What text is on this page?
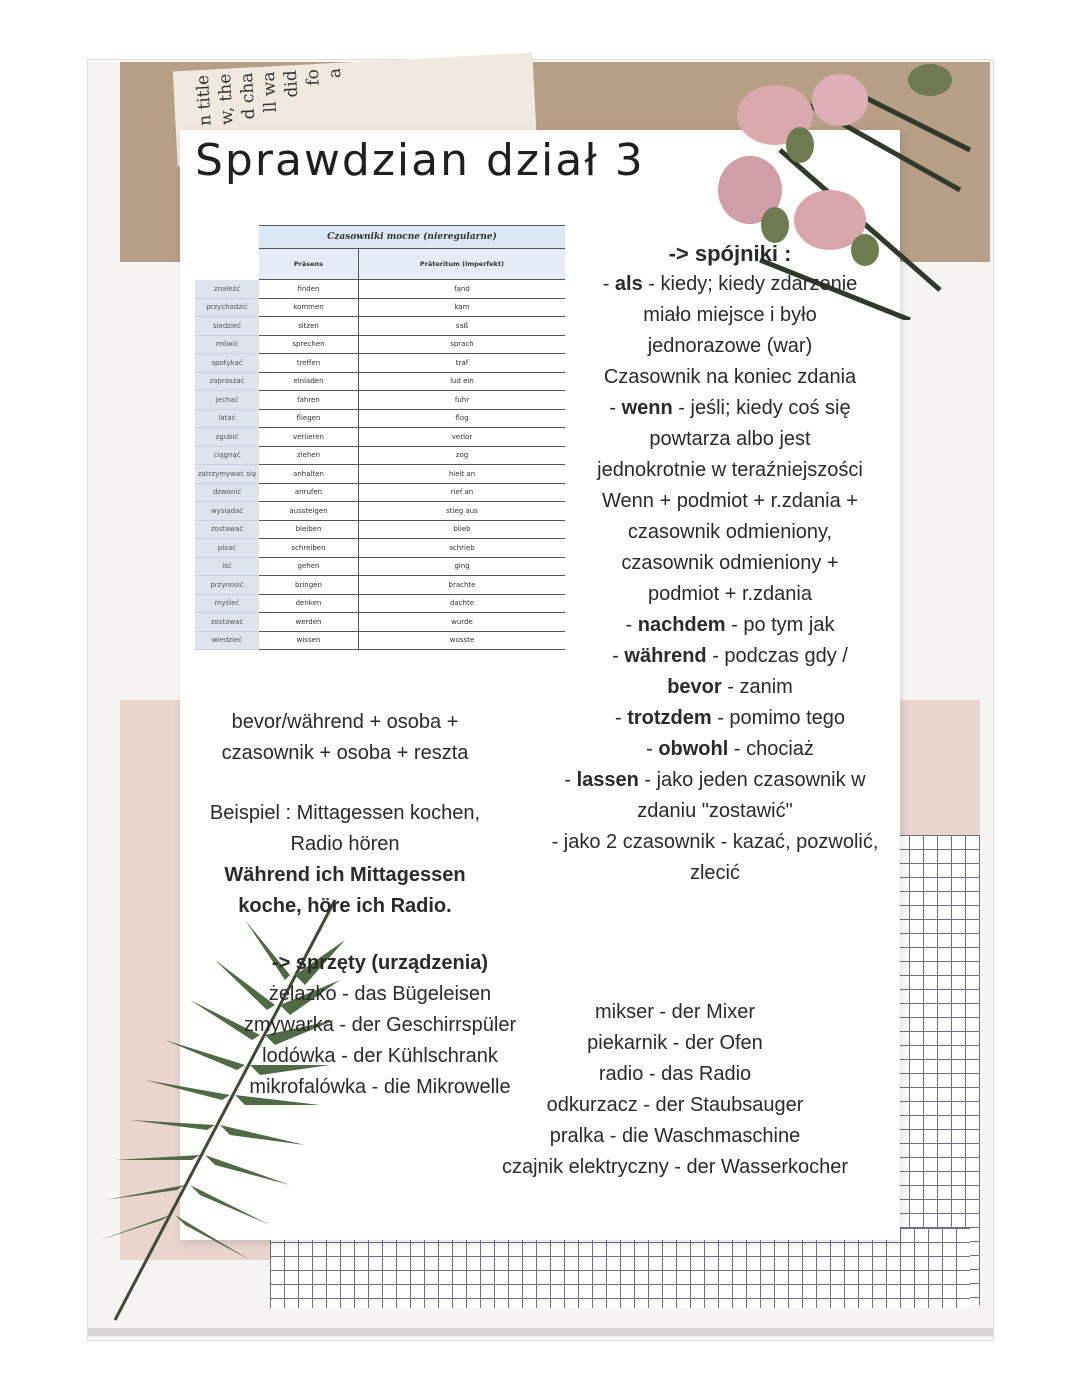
n title w, the d cha ll wa did fo a
Sprawdzian dział 3
	Czasowniki mocne (nieregularne)	
	Präsens	Präteritum (Imperfekt)
znaleźć	finden	fand
przychodzić	kommen	kam
siedzieć	sitzen	saß
mówić	sprechen	sprach
spotykać	treffen	traf
zapraszać	einladen	lud ein
jechać	fahren	fuhr
latać	fliegen	flog
zgubić	verlieren	verlor
ciągnąć	ziehen	zog
zatrzymywać się	anhalten	hielt an
dzwonić	anrufen	rief an
wysiadać	aussteigen	stieg aus
zostawać	bleiben	blieb
pisać	schreiben	schrieb
iść	gehen	ging
przynosić	bringen	brachte
myśleć	denken	dachte
zostawać	werden	wurde
wiedzieć	wissen	wusste
-> spójniki :
- als - kiedy; kiedy zdarzenie
miało miejsce i było
jednorazowe (war)
Czasownik na koniec zdania
- wenn - jeśli; kiedy coś się
powtarza albo jest
jednokrotnie w teraźniejszości
Wenn + podmiot + r.zdania +
czasownik odmieniony,
czasownik odmieniony +
podmiot + r.zdania
- nachdem - po tym jak
- während - podczas gdy /
bevor - zanim
- trotzdem - pomimo tego
- obwohl - chociaż
- lassen - jako jeden czasownik w
zdaniu "zostawić"
- jako 2 czasownik - kazać, pozwolić,
zlecić
bevor/während + osoba +
czasownik + osoba + reszta
Beispiel : Mittagessen kochen,
Radio hören
Während ich Mittagessen
koche, höre ich Radio.
-> sprzęty (urządzenia)
żelazko - das Bügeleisen
zmywarka - der Geschirrspüler
lodówka - der Kühlschrank
mikrofalówka - die Mikrowelle
mikser - der Mixer
piekarnik - der Ofen
radio - das Radio
odkurzacz - der Staubsauger
pralka - die Waschmaschine
czajnik elektryczny - der Wasserkocher
